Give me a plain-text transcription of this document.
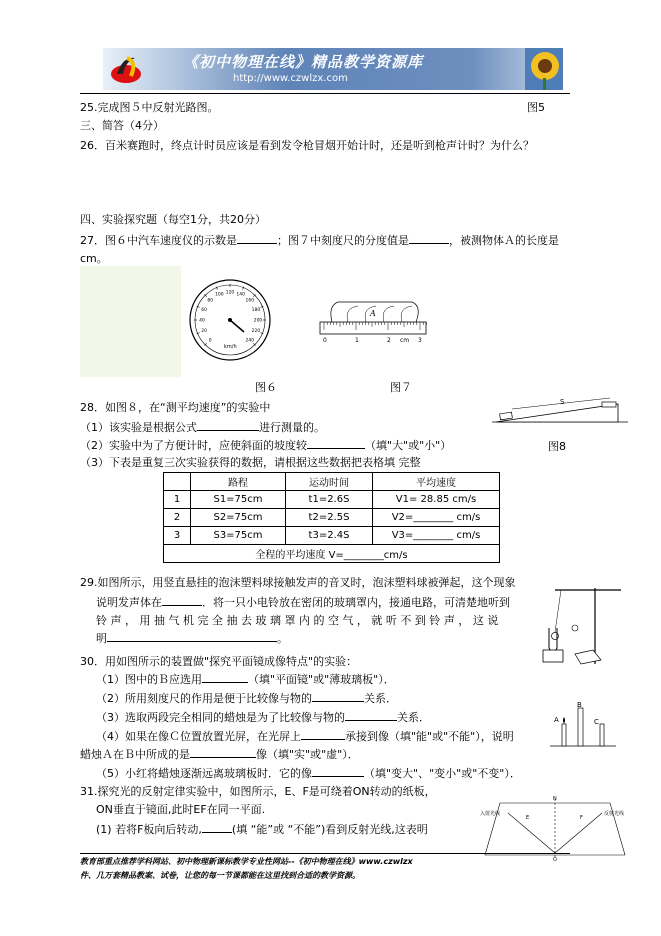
《初中物理在线》精品教学资源库
http://www.czwlzx.com
25.完成图５中反射光路图。	图5
三、简答（4分）
26．百米赛跑时，终点计时员应该是看到发令枪冒烟开始计时，还是听到枪声计时？为什么？
四、实验探究题（每空1分，共20分）
27．图６中汽车速度仪的示数是	；图７中刻度尺的分度值是	，被测物体Ａ的长度是
cm。
0
20
40
60
80
100 120 140
160
180
200
220
240
km/h
A
0	1	2 cm 3
图６	图７
28．如图８，在“测平均速度”的实验中	S
（1）该实验是根据公式	进行测量的。
（2）实验中为了方便计时，应使斜面的坡度较	（填"大"或"小"）	图8
（3）下表是重复三次实验获得的数据，请根据这些数据把表格填 完整
	路程	运动时间	平均速度
1	S1=75cm	t1=2.6S	V1= 28.85 cm/s
2	S2=75cm	t2=2.5S	V2=________ cm/s
3	S3=75cm	t3=2.4S	V3=________ cm/s
全程的平均速度 V=________cm/s			
29.如图所示，用竖直悬挂的泡沫塑料球接触发声的音叉时，泡沫塑料球被弹起，这个现象
说明发声体在	．将一只小电铃放在密闭的玻璃罩内，接通电路，可清楚地听到
铃 声 ， 用 抽 气 机 完 全 抽 去 玻 璃 罩 内 的 空 气 ， 就 听 不 到 铃 声 ， 这 说
明	。
30．用如图所示的装置做"探究平面镜成像特点"的实验：
（1）图中的Ｂ应选用	（填"平面镜"或"薄玻璃板"）．
（2）所用刻度尺的作用是便于比较像与物的	关系．
（3）选取两段完全相同的蜡烛是为了比较像与物的	关系．
（4）如果在像Ｃ位置放置光屏，在光屏上	承接到像（填"能"或"不能"），说明
蜡烛Ａ在Ｂ中所成的是	像（填"实"或"虚"）．
（5）小红将蜡烛逐渐远离玻璃板时．它的像	（填"变大"、"变小"或"不变"）．
A
B
C
31.探究光的反射定律实验中，如图所示，E、F是可绕着ON转动的纸板，
ON垂直于镜面,此时EF在同一平面.
(1) 若将F板向后转动,	(填 “能”或 “不能”)看到反射光线,这表明
入射光线	反射光线
N
O
E	F
教育部重点推荐学科网站、初中物理新课标教学专业性网站--《初中物理在线》www.czwlzx
件、几万套精品教案、试卷，让您的每一节课都能在这里找到合适的教学资源。
